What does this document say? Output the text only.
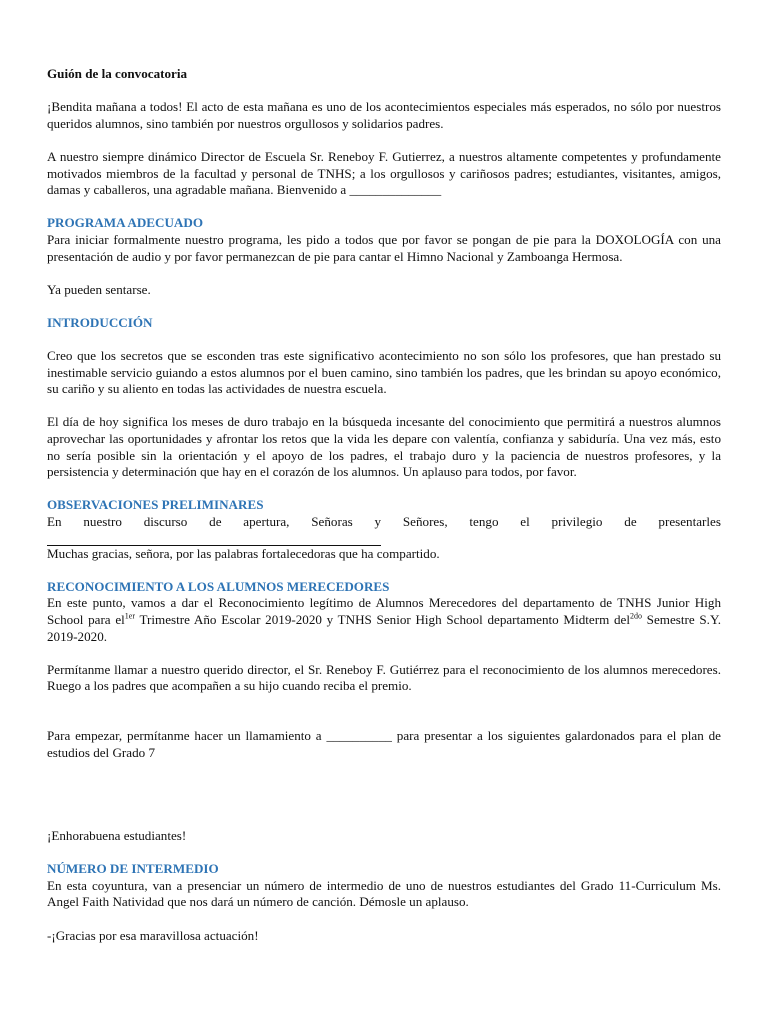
Guión de la convocatoria

¡Bendita mañana a todos! El acto de esta mañana es uno de los acontecimientos especiales más esperados, no sólo por nuestros queridos alumnos, sino también por nuestros orgullosos y solidarios padres.

A nuestro siempre dinámico Director de Escuela Sr. Reneboy F. Gutierrez, a nuestros altamente competentes y profundamente motivados miembros de la facultad y personal de TNHS; a los orgullosos y cariñosos padres; estudiantes, visitantes, amigos, damas y caballeros, una agradable mañana. Bienvenido a ______________

PROGRAMA ADECUADO

Para iniciar formalmente nuestro programa, les pido a todos que por favor se pongan de pie para la DOXOLOGÍA con una presentación de audio y por favor permanezcan de pie para cantar el Himno Nacional y Zamboanga Hermosa.

Ya pueden sentarse.

INTRODUCCIÓN

Creo que los secretos que se esconden tras este significativo acontecimiento no son sólo los profesores, que han prestado su inestimable servicio guiando a estos alumnos por el buen camino, sino también los padres, que les brindan su apoyo económico, su cariño y su aliento en todas las actividades de nuestra escuela.

El día de hoy significa los meses de duro trabajo en la búsqueda incesante del conocimiento que permitirá a nuestros alumnos aprovechar las oportunidades y afrontar los retos que la vida les depare con valentía, confianza y sabiduría. Una vez más, esto no sería posible sin la orientación y el apoyo de los padres, el trabajo duro y la paciencia de nuestros profesores, y la persistencia y determinación que hay en el corazón de los alumnos. Un aplauso para todos, por favor.

OBSERVACIONES PRELIMINARES
En nuestro discurso de apertura, Señoras y Señores, tengo el privilegio de presentarles

Muchas gracias, señora, por las palabras fortalecedoras que ha compartido.

RECONOCIMIENTO A LOS ALUMNOS MERECEDORES

En este punto, vamos a dar el Reconocimiento legítimo de Alumnos Merecedores del departamento de TNHS Junior High School para $el^{1er}$ Trimestre Año Escolar 2019-2020 y TNHS Senior High School departamento Midterm del$^{2do}$ Semestre S.Y. 2019-2020.

Permítanme llamar a nuestro querido director, el Sr. Reneboy F. Gutiérrez para el reconocimiento de los alumnos merecedores. Ruego a los padres que acompañen a su hijo cuando reciba el premio.

Para empezar, permítanme hacer un llamamiento a __________ para presentar a los siguientes galardonados para el plan de estudios del Grado 7

¡Enhorabuena estudiantes!

NÚMERO DE INTERMEDIO

En esta coyuntura, van a presenciar un número de intermedio de uno de nuestros estudiantes del Grado 11-Curriculum Ms. Angel Faith Natividad que nos dará un número de canción. Démosle un aplauso.

-¡Gracias por esa maravillosa actuación!
